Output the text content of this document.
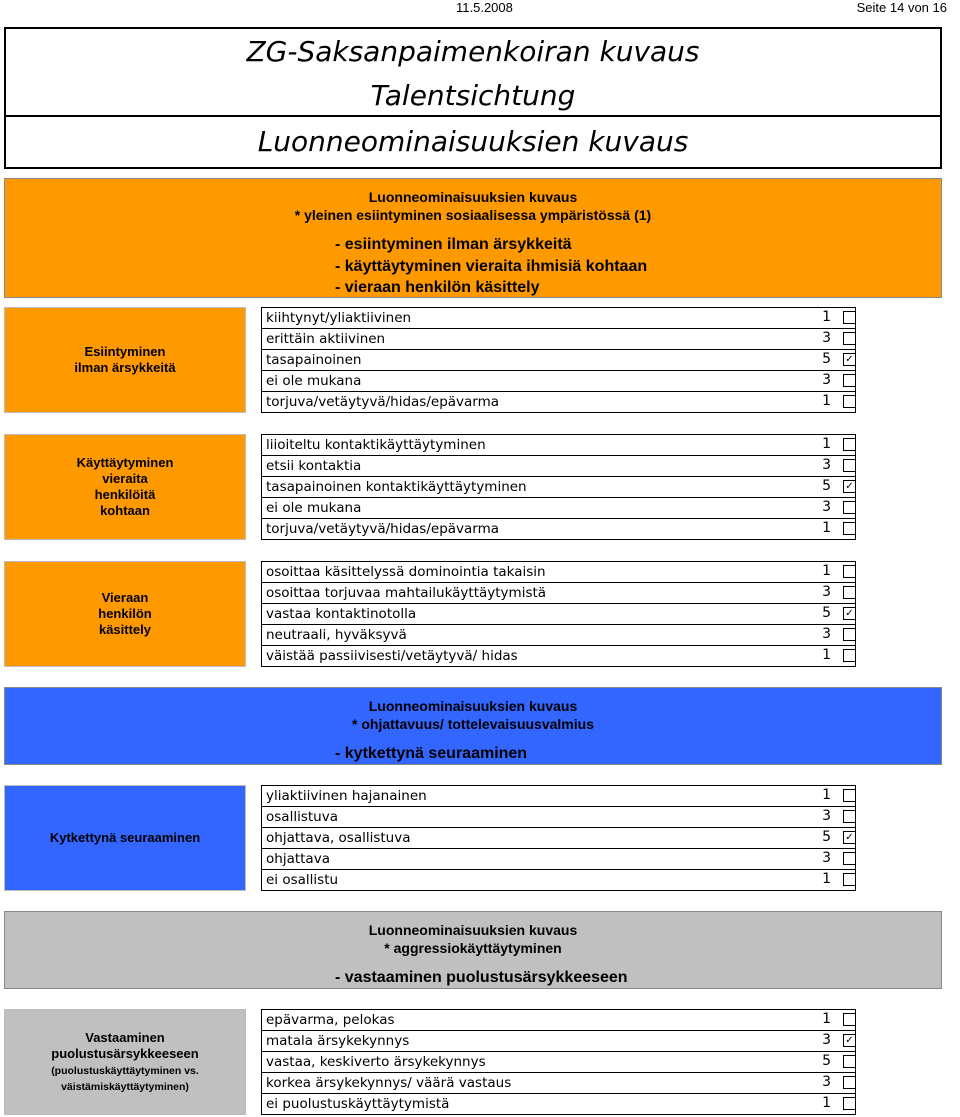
11.5.2008	Seite 14 von 16
ZG-Saksanpaimenkoiran kuvaus
Talentsichtung
Luonneominaisuuksien kuvaus
Luonneominaisuuksien kuvaus
* yleinen esiintyminen sosiaalisessa ympäristössä (1)
- esiintyminen ilman ärsykkeitä
- käyttäytyminen vieraita ihmisiä kohtaan
- vieraan henkilön käsittely
Esiintyminen
ilman ärsykkeitä
kiihtynyt/yliaktiivinen	1
erittäin aktiivinen	3
tasapainoinen	5 ✓
ei ole mukana	3
torjuva/vetäytyvä/hidas/epävarma	1
Käyttäytyminen
vieraita
henkilöitä
kohtaan
liioiteltu kontaktikäyttäytyminen	1
etsii kontaktia	3
tasapainoinen kontaktikäyttäytyminen	5 ✓
ei ole mukana	3
torjuva/vetäytyvä/hidas/epävarma	1
Vieraan
henkilön
käsittely
osoittaa käsittelyssä dominointia takaisin	1
osoittaa torjuvaa mahtailukäyttäytymistä	3
vastaa kontaktinotolla	5 ✓
neutraali, hyväksyvä	3
väistää passiivisesti/vetäytyvä/ hidas	1
Luonneominaisuuksien kuvaus
* ohjattavuus/ tottelevaisuusvalmius
- kytkettynä seuraaminen
Kytkettynä seuraaminen
yliaktiivinen hajanainen	1
osallistuva	3
ohjattava, osallistuva	5 ✓
ohjattava	3
ei osallistu	1
Luonneominaisuuksien kuvaus
* aggressiokäyttäytyminen
- vastaaminen puolustusärsykkeeseen
Vastaaminen
puolustusärsykkeeseen
(puolustuskäyttäytyminen vs.
väistämiskäyttäytyminen)
epävarma, pelokas	1
matala ärsykekynnys	3 ✓
vastaa, keskiverto ärsykekynnys	5
korkea ärsykekynnys/ väärä vastaus	3
ei puolustuskäyttäytymistä	1
